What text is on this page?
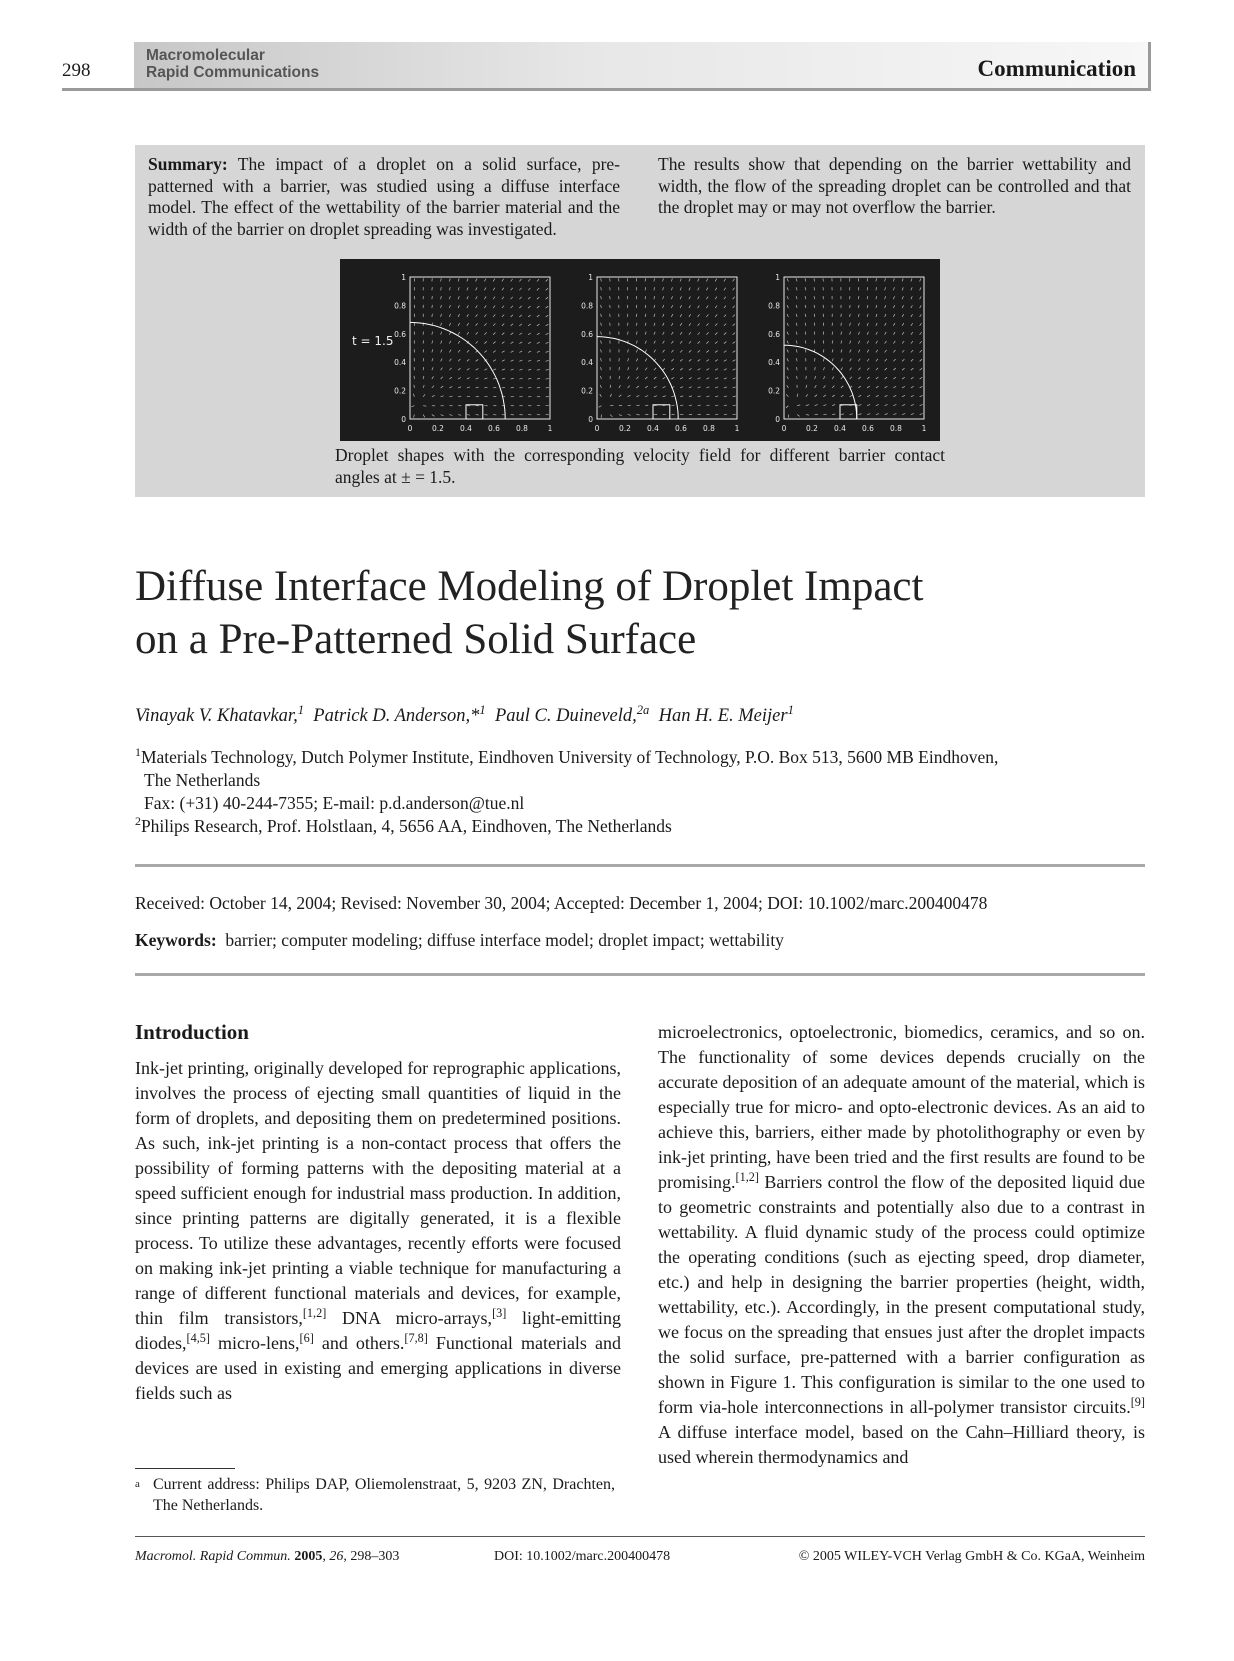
298
Macromolecular
Rapid Communications	Communication
Summary: The impact of a droplet on a solid surface, pre-patterned with a barrier, was studied using a diffuse interface model. The effect of the wettability of the barrier material and the width of the barrier on droplet spreading was investigated.
The results show that depending on the barrier wettability and width, the flow of the spreading droplet can be controlled and that the droplet may or may not overflow the barrier.
0
0
0.2
0.2
0.4
0.4
0.6
0.6
0.8
0.8
1
1
0
0
0.2
0.2
0.4
0.4
0.6
0.6
0.8
0.8
1
1
0
0
0.2
0.2
0.4
0.4
0.6
0.6
0.8
0.8
1
1
t = 1.5
Droplet shapes with the corresponding velocity field for different barrier contact angles at ± = 1.5.
Diffuse Interface Modeling of Droplet Impact
on a Pre-Patterned Solid Surface
Vinayak V. Khatavkar,$^1$ Patrick D. Anderson,*$^1$ Paul C. Duineveld,$^{2a}$ Han H. E. Meijer$^1$
$^1$Materials Technology, Dutch Polymer Institute, Eindhoven University of Technology, P.O. Box 513, 5600 MB Eindhoven,
The Netherlands
Fax: (+31) 40-244-7355; E-mail: p.d.anderson@tue.nl
$^2$Philips Research, Prof. Holstlaan, 4, 5656 AA, Eindhoven, The Netherlands
Received: October 14, 2004; Revised: November 30, 2004; Accepted: December 1, 2004; DOI: 10.1002/marc.200400478
Keywords: barrier; computer modeling; diffuse interface model; droplet impact; wettability
Introduction
Ink-jet printing, originally developed for reprographic applications, involves the process of ejecting small quantities of liquid in the form of droplets, and depositing them on predetermined positions. As such, ink-jet printing is a non-contact process that offers the possibility of forming patterns with the depositing material at a speed sufficient enough for industrial mass production. In addition, since printing patterns are digitally generated, it is a flexible process. To utilize these advantages, recently efforts were focused on making ink-jet printing a viable technique for manufacturing a range of different functional materials and devices, for example, thin film transistors,[1,2] DNA micro-arrays,[3] light-emitting diodes,[4,5] micro-lens,[6] and others.[7,8] Functional materials and devices are used in existing and emerging applications in diverse fields such as
microelectronics, optoelectronic, biomedics, ceramics, and so on. The functionality of some devices depends crucially on the accurate deposition of an adequate amount of the material, which is especially true for micro- and opto-electronic devices. As an aid to achieve this, barriers, either made by photolithography or even by ink-jet printing, have been tried and the first results are found to be promising.[1,2] Barriers control the flow of the deposited liquid due to geometric constraints and potentially also due to a contrast in wettability. A fluid dynamic study of the process could optimize the operating conditions (such as ejecting speed, drop diameter, etc.) and help in designing the barrier properties (height, width, wettability, etc.). Accordingly, in the present computational study, we focus on the spreading that ensues just after the droplet impacts the solid surface, pre-patterned with a barrier configuration as shown in Figure 1. This configuration is similar to the one used to form via-hole interconnections in all-polymer transistor circuits.[9] A diffuse interface model, based on the Cahn–Hilliard theory, is used wherein thermodynamics and
a Current address: Philips DAP, Oliemolenstraat, 5, 9203 ZN, Drachten, The Netherlands.
Macromol. Rapid Commun. 2005, 26, 298–303	DOI: 10.1002/marc.200400478	© 2005 WILEY-VCH Verlag GmbH & Co. KGaA, Weinheim
